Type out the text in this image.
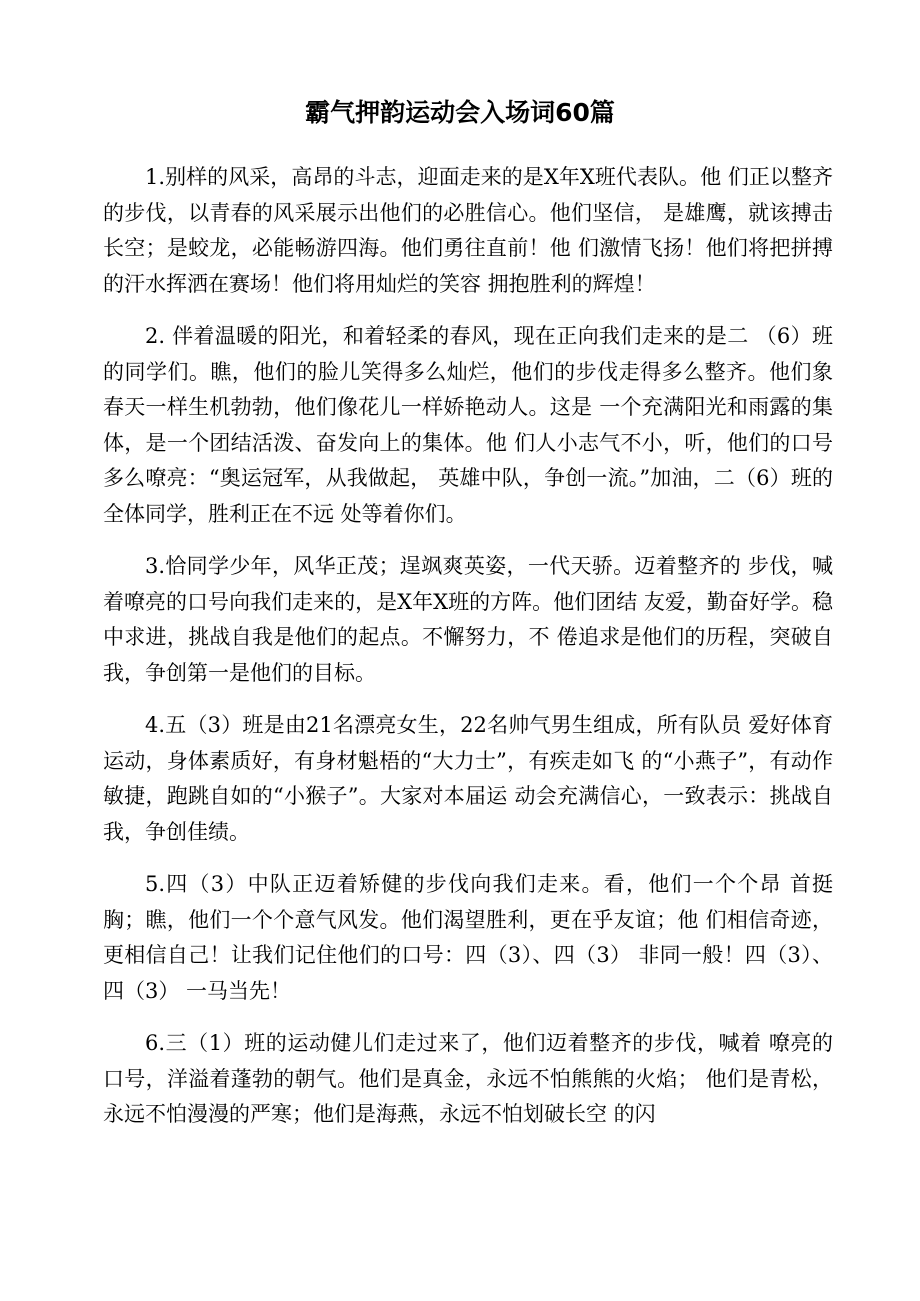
霸气押韵运动会入场词60篇

1.别样的风采，高昂的斗志，迎面走来的是X年X班代表队。他 们正以整齐的步伐，以青春的风采展示出他们的必胜信心。他们坚信， 是雄鹰，就该搏击长空；是蛟龙，必能畅游四海。他们勇往直前！他 们激情飞扬！他们将把拼搏的汗水挥洒在赛场！他们将用灿烂的笑容 拥抱胜利的辉煌！

2. 伴着温暖的阳光，和着轻柔的春风，现在正向我们走来的是二 （6）班的同学们。瞧，他们的脸儿笑得多么灿烂，他们的步伐走得多么整齐。他们象春天一样生机勃勃，他们像花儿一样娇艳动人。这是 一个充满阳光和雨露的集体，是一个团结活泼、奋发向上的集体。他 们人小志气不小，听，他们的口号多么嘹亮：“奥运冠军，从我做起， 英雄中队，争创一流。”加油，二（6）班的全体同学，胜利正在不远 处等着你们。

3.恰同学少年，风华正茂；逞飒爽英姿，一代天骄。迈着整齐的 步伐，喊着嘹亮的口号向我们走来的，是X年X班的方阵。他们团结 友爱，勤奋好学。稳中求进，挑战自我是他们的起点。不懈努力，不 倦追求是他们的历程，突破自我，争创第一是他们的目标。

4.五（3）班是由21名漂亮女生，22名帅气男生组成，所有队员 爱好体育运动，身体素质好，有身材魁梧的“大力士”，有疾走如飞 的“小燕子”，有动作敏捷，跑跳自如的“小猴子”。大家对本届运 动会充满信心，一致表示：挑战自我，争创佳绩。

5.四（3）中队正迈着矫健的步伐向我们走来。看，他们一个个昂 首挺胸；瞧，他们一个个意气风发。他们渴望胜利，更在乎友谊；他 们相信奇迹，更相信自己！让我们记住他们的口号：四（3）、四（3） 非同一般！四（3）、四（3） 一马当先！

6.三（1）班的运动健儿们走过来了，他们迈着整齐的步伐，喊着 嘹亮的口号，洋溢着蓬勃的朝气。他们是真金，永远不怕熊熊的火焰； 他们是青松，永远不怕漫漫的严寒；他们是海燕，永远不怕划破长空 的闪
